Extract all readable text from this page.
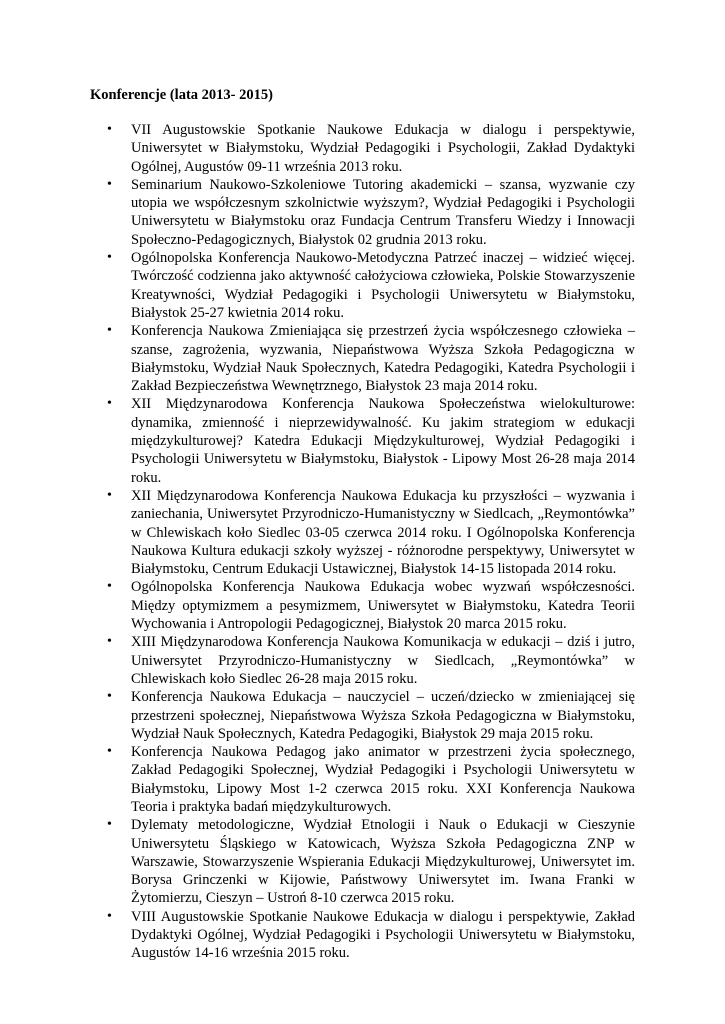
Konferencje (lata 2013- 2015)

•	VII Augustowskie Spotkanie Naukowe Edukacja w dialogu i perspektywie, Uniwersytet w Białymstoku, Wydział Pedagogiki i Psychologii, Zakład Dydaktyki Ogólnej, Augustów 09-11 września 2013 roku.
•	Seminarium Naukowo-Szkoleniowe Tutoring akademicki – szansa, wyzwanie czy utopia we współczesnym szkolnictwie wyższym?, Wydział Pedagogiki i Psychologii Uniwersytetu w Białymstoku oraz Fundacja Centrum Transferu Wiedzy i Innowacji Społeczno-Pedagogicznych, Białystok 02 grudnia 2013 roku.
•	Ogólnopolska Konferencja Naukowo-Metodyczna Patrzeć inaczej – widzieć więcej. Twórczość codzienna jako aktywność całożyciowa człowieka, Polskie Stowarzyszenie Kreatywności, Wydział Pedagogiki i Psychologii Uniwersytetu w Białymstoku, Białystok 25-27 kwietnia 2014 roku.
•	Konferencja Naukowa Zmieniająca się przestrzeń życia współczesnego człowieka – szanse, zagrożenia, wyzwania, Niepaństwowa Wyższa Szkoła Pedagogiczna w Białymstoku, Wydział Nauk Społecznych, Katedra Pedagogiki, Katedra Psychologii i Zakład Bezpieczeństwa Wewnętrznego, Białystok 23 maja 2014 roku.
•	XII Międzynarodowa Konferencja Naukowa Społeczeństwa wielokulturowe: dynamika, zmienność i nieprzewidywalność. Ku jakim strategiom w edukacji międzykulturowej? Katedra Edukacji Międzykulturowej, Wydział Pedagogiki i Psychologii Uniwersytetu w Białymstoku, Białystok - Lipowy Most 26-28 maja 2014 roku.
•	XII Międzynarodowa Konferencja Naukowa Edukacja ku przyszłości – wyzwania i zaniechania, Uniwersytet Przyrodniczo-Humanistyczny w Siedlcach, „Reymontówka” w Chlewiskach koło Siedlec 03-05 czerwca 2014 roku. I Ogólnopolska Konferencja Naukowa Kultura edukacji szkoły wyższej - różnorodne perspektywy, Uniwersytet w Białymstoku, Centrum Edukacji Ustawicznej, Białystok 14-15 listopada 2014 roku.
•	Ogólnopolska Konferencja Naukowa Edukacja wobec wyzwań współczesności. Między optymizmem a pesymizmem, Uniwersytet w Białymstoku, Katedra Teorii Wychowania i Antropologii Pedagogicznej, Białystok 20 marca 2015 roku.
•	XIII Międzynarodowa Konferencja Naukowa Komunikacja w edukacji – dziś i jutro, Uniwersytet Przyrodniczo-Humanistyczny w Siedlcach, „Reymontówka” w Chlewiskach koło Siedlec 26-28 maja 2015 roku.
•	Konferencja Naukowa Edukacja – nauczyciel – uczeń/dziecko w zmieniającej się przestrzeni społecznej, Niepaństwowa Wyższa Szkoła Pedagogiczna w Białymstoku, Wydział Nauk Społecznych, Katedra Pedagogiki, Białystok 29 maja 2015 roku.
•	Konferencja Naukowa Pedagog jako animator w przestrzeni życia społecznego, Zakład Pedagogiki Społecznej, Wydział Pedagogiki i Psychologii Uniwersytetu w Białymstoku, Lipowy Most 1-2 czerwca 2015 roku. XXI Konferencja Naukowa Teoria i praktyka badań międzykulturowych.
•	Dylematy metodologiczne, Wydział Etnologii i Nauk o Edukacji w Cieszynie Uniwersytetu Śląskiego w Katowicach, Wyższa Szkoła Pedagogiczna ZNP w Warszawie, Stowarzyszenie Wspierania Edukacji Międzykulturowej, Uniwersytet im. Borysa Grinczenki w Kijowie, Państwowy Uniwersytet im. Iwana Franki w Żytomierzu, Cieszyn – Ustroń 8-10 czerwca 2015 roku.
•	VIII Augustowskie Spotkanie Naukowe Edukacja w dialogu i perspektywie, Zakład Dydaktyki Ogólnej, Wydział Pedagogiki i Psychologii Uniwersytetu w Białymstoku, Augustów 14-16 września 2015 roku.
